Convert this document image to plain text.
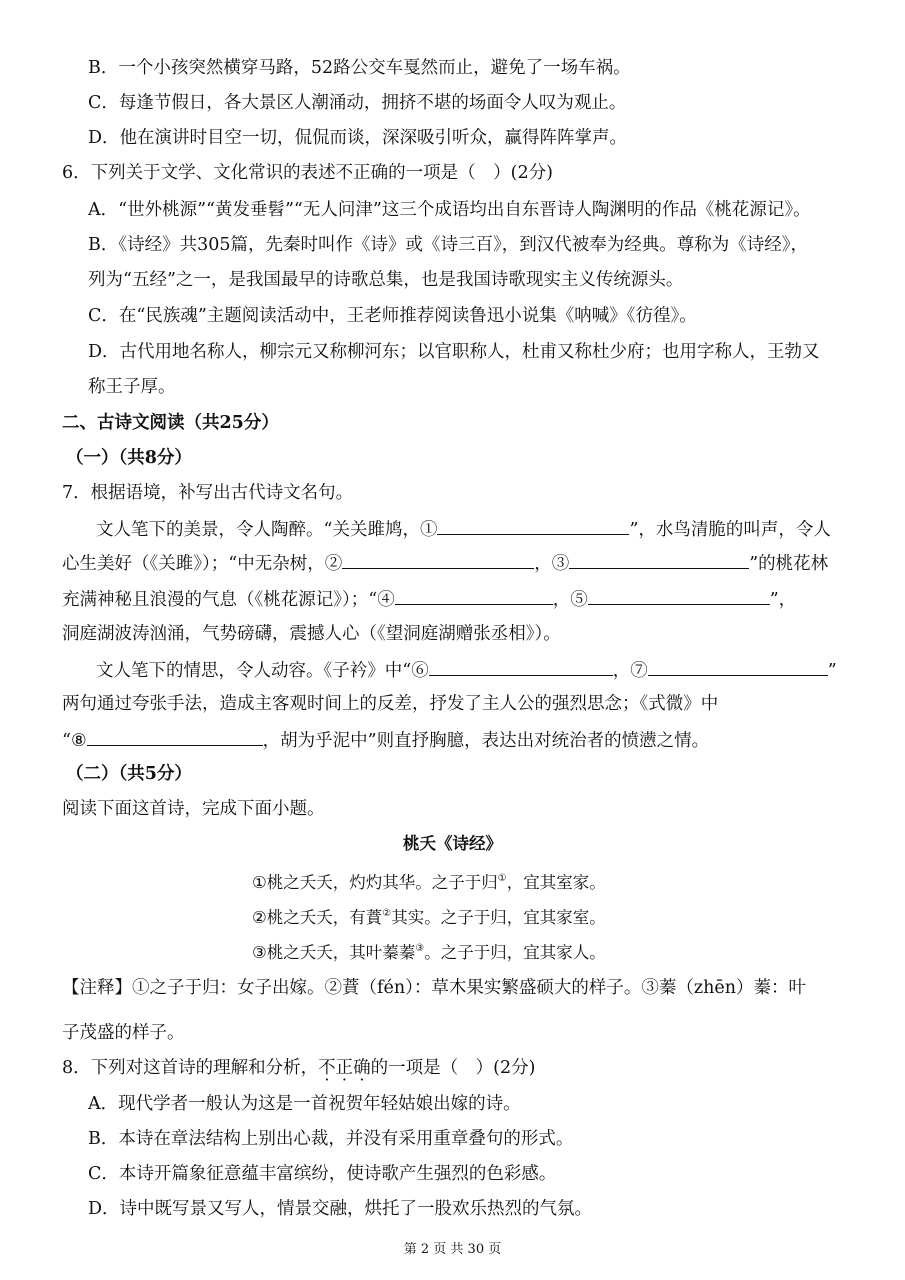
B．一个小孩突然横穿马路，52路公交车戛然而止，避免了一场车祸。
C．每逢节假日，各大景区人潮涌动，拥挤不堪的场面令人叹为观止。
D．他在演讲时目空一切，侃侃而谈，深深吸引听众，赢得阵阵掌声。
6．下列关于文学、文化常识的表述不正确的一项是（　）(2分)
A．“世外桃源”“黄发垂髫”“无人问津”这三个成语均出自东晋诗人陶渊明的作品《桃花源记》。
B．《诗经》共305篇，先秦时叫作《诗》或《诗三百》，到汉代被奉为经典。尊称为《诗经》，
列为“五经”之一，是我国最早的诗歌总集，也是我国诗歌现实主义传统源头。
C．在“民族魂”主题阅读活动中，王老师推荐阅读鲁迅小说集《呐喊》《彷徨》。
D．古代用地名称人，柳宗元又称柳河东；以官职称人，杜甫又称杜少府；也用字称人，王勃又
称王子厚。
二、古诗文阅读（共25分）
（一）（共8分）
7．根据语境，补写出古代诗文名句。
文人笔下的美景，令人陶醉。“关关雎鸠，①	”，水鸟清脆的叫声，令人
心生美好（《关雎》）；“中无杂树，②	，③	”的桃花林
充满神秘且浪漫的气息（《桃花源记》）；“④	，⑤	”，
洞庭湖波涛汹涌，气势磅礴，震撼人心（《望洞庭湖赠张丞相》）。
文人笔下的情思，令人动容。《子衿》中“⑥	，⑦	”
两句通过夸张手法，造成主客观时间上的反差，抒发了主人公的强烈思念；《式微》中
“⑧	，胡为乎泥中”则直抒胸臆，表达出对统治者的愤懑之情。
（二）（共5分）
阅读下面这首诗，完成下面小题。
桃夭《诗经》
①桃之夭夭，灼灼其华。之子于归①，宜其室家。
②桃之夭夭，有蕡②其实。之子于归，宜其家室。
③桃之夭夭，其叶蓁蓁③。之子于归，宜其家人。
【注释】①之子于归：女子出嫁。②蕡（fén）：草木果实繁盛硕大的样子。③蓁（zhēn）蓁：叶
子茂盛的样子。
8．下列对这首诗的理解和分析，不正确的一项是（　）(2分)
A．现代学者一般认为这是一首祝贺年轻姑娘出嫁的诗。
B．本诗在章法结构上别出心裁，并没有采用重章叠句的形式。
C．本诗开篇象征意蕴丰富缤纷，使诗歌产生强烈的色彩感。
D．诗中既写景又写人，情景交融，烘托了一股欢乐热烈的气氛。
第 2 页 共 30 页
